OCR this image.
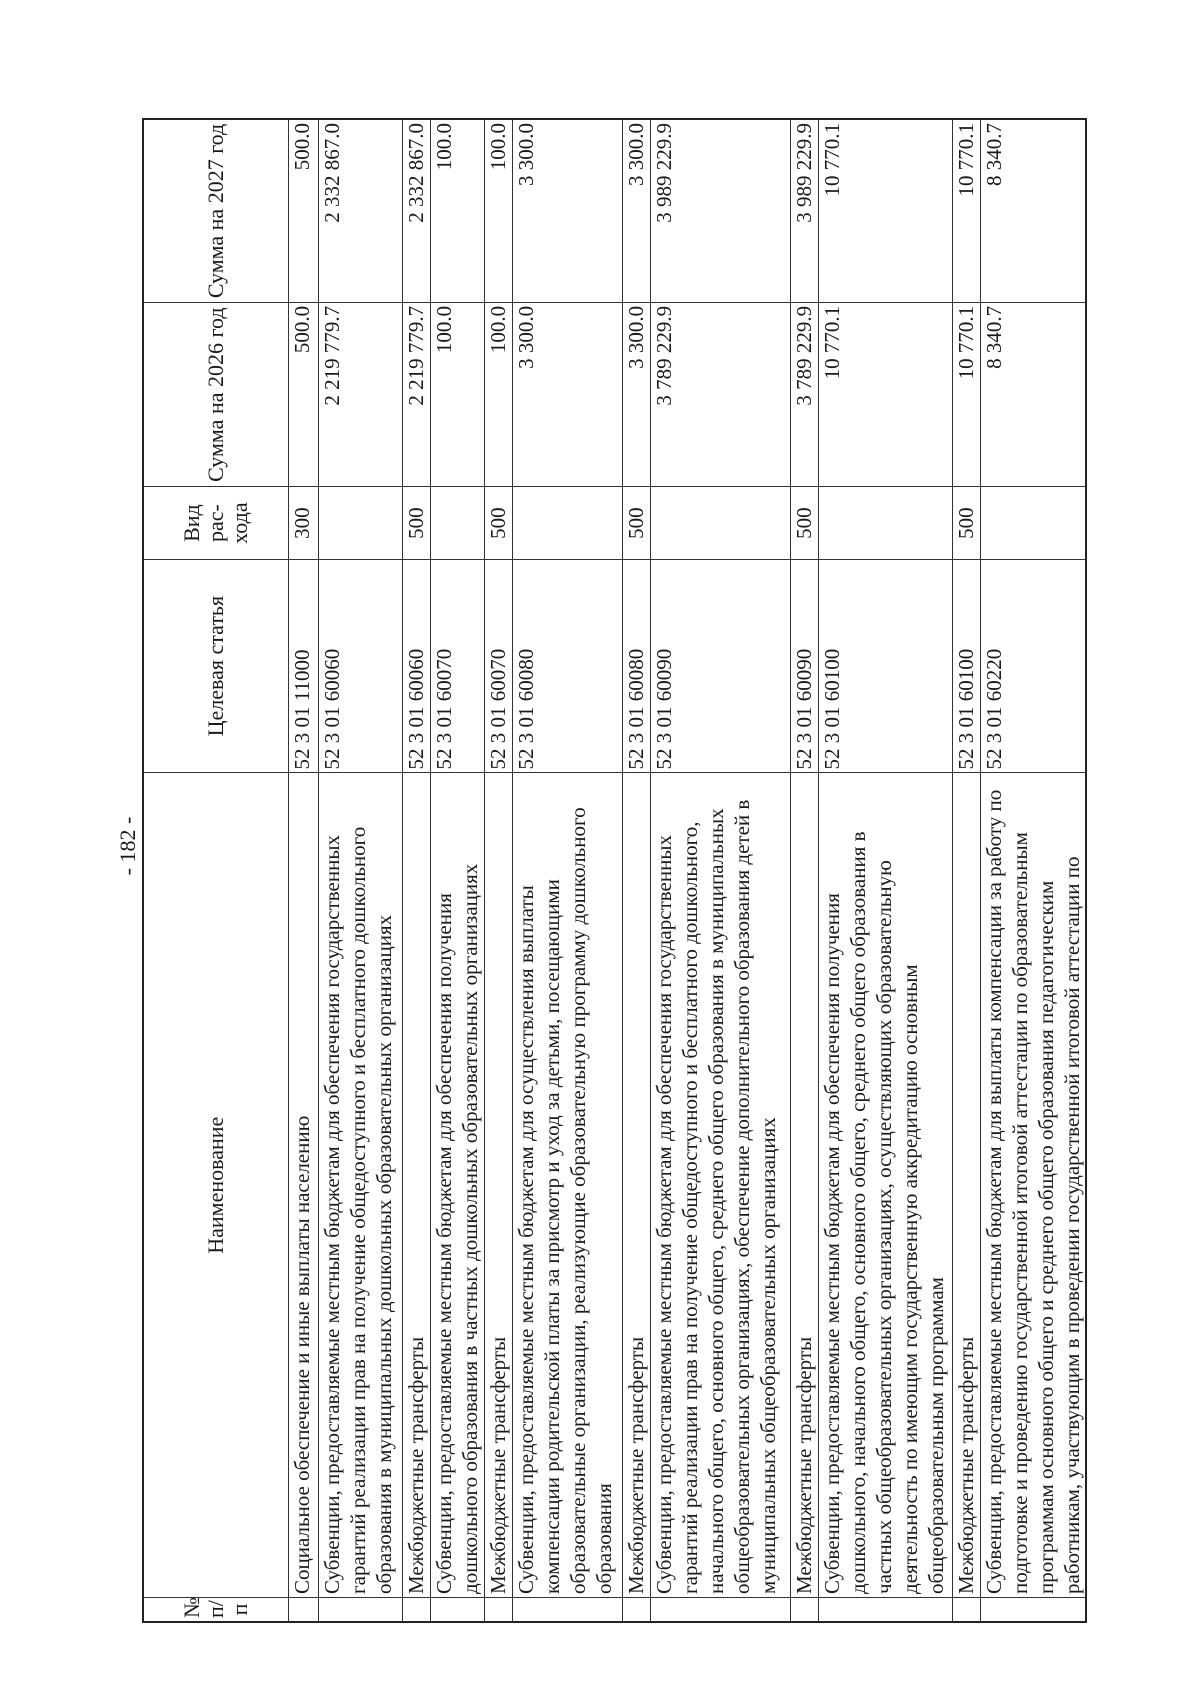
- 182 -
№ п/п	Наименование	Целевая статья	Вид рас-хода	Сумма на 2026 год	Сумма на 2027 год
	Социальное обеспечение и иные выплаты населению	52 3 01 11000	300	500.0	500.0
	Субвенции, предоставляемые местным бюджетам для обеспечения государственных гарантий реализации прав на получение общедоступного и бесплатного дошкольного образования в муниципальных дошкольных образовательных организациях	52 3 01 60060		2 219 779.7	2 332 867.0
	Межбюджетные трансферты	52 3 01 60060	500	2 219 779.7	2 332 867.0
	Субвенции, предоставляемые местным бюджетам для обеспечения получения дошкольного образования в частных дошкольных образовательных организациях	52 3 01 60070		100.0	100.0
	Межбюджетные трансферты	52 3 01 60070	500	100.0	100.0
	Субвенции, предоставляемые местным бюджетам для осуществления выплаты компенсации родительской платы за присмотр и уход за детьми, посещающими образовательные организации, реализующие образовательную программу дошкольного образования	52 3 01 60080		3 300.0	3 300.0
	Межбюджетные трансферты	52 3 01 60080	500	3 300.0	3 300.0
	Субвенции, предоставляемые местным бюджетам для обеспечения государственных гарантий реализации прав на получение общедоступного и бесплатного дошкольного, начального общего, основного общего, среднего общего образования в муниципальных общеобразовательных организациях, обеспечение дополнительного образования детей в муниципальных общеобразовательных организациях	52 3 01 60090		3 789 229.9	3 989 229.9
	Межбюджетные трансферты	52 3 01 60090	500	3 789 229.9	3 989 229.9
	Субвенции, предоставляемые местным бюджетам для обеспечения получения дошкольного, начального общего, основного общего, среднего общего образования в частных общеобразовательных организациях, осуществляющих образовательную деятельность по имеющим государственную аккредитацию основным общеобразовательным программам	52 3 01 60100		10 770.1	10 770.1
	Межбюджетные трансферты	52 3 01 60100	500	10 770.1	10 770.1
	Субвенции, предоставляемые местным бюджетам для выплаты компенсации за работу по подготовке и проведению государственной итоговой аттестации по образовательным программам основного общего и среднего общего образования педагогическим работникам, участвующим в проведении государственной итоговой аттестации по	52 3 01 60220		8 340.7	8 340.7
